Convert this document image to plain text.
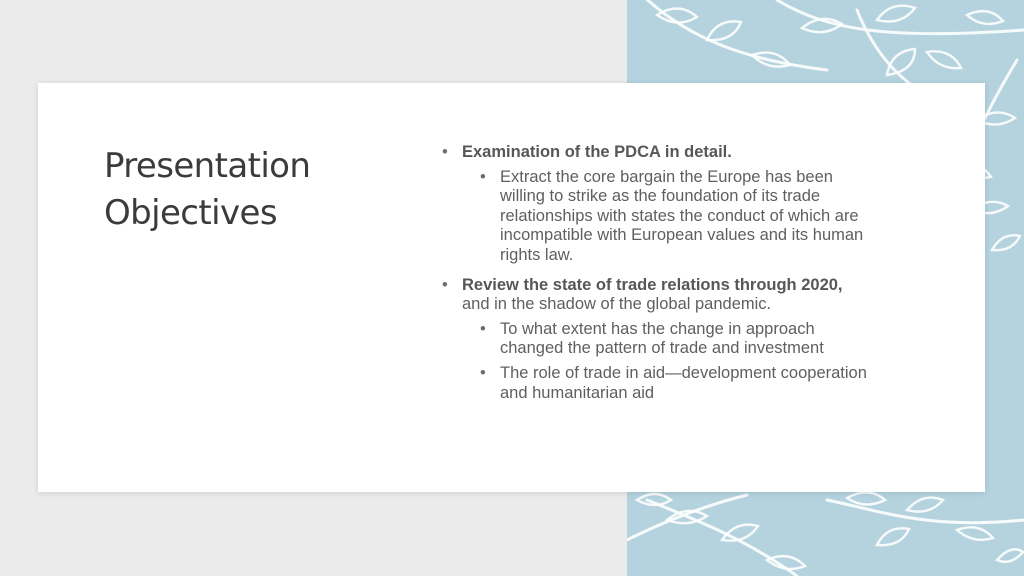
Presentation
Objectives
• Examination of the PDCA in detail.
• Extract the core bargain the Europe has been willing to strike as the foundation of its trade relationships with states the conduct of which are incompatible with European values and its human rights law.
• Review the state of trade relations through 2020, and in the shadow of the global pandemic.
• To what extent has the change in approach changed the pattern of trade and investment
• The role of trade in aid—development cooperation and humanitarian aid
